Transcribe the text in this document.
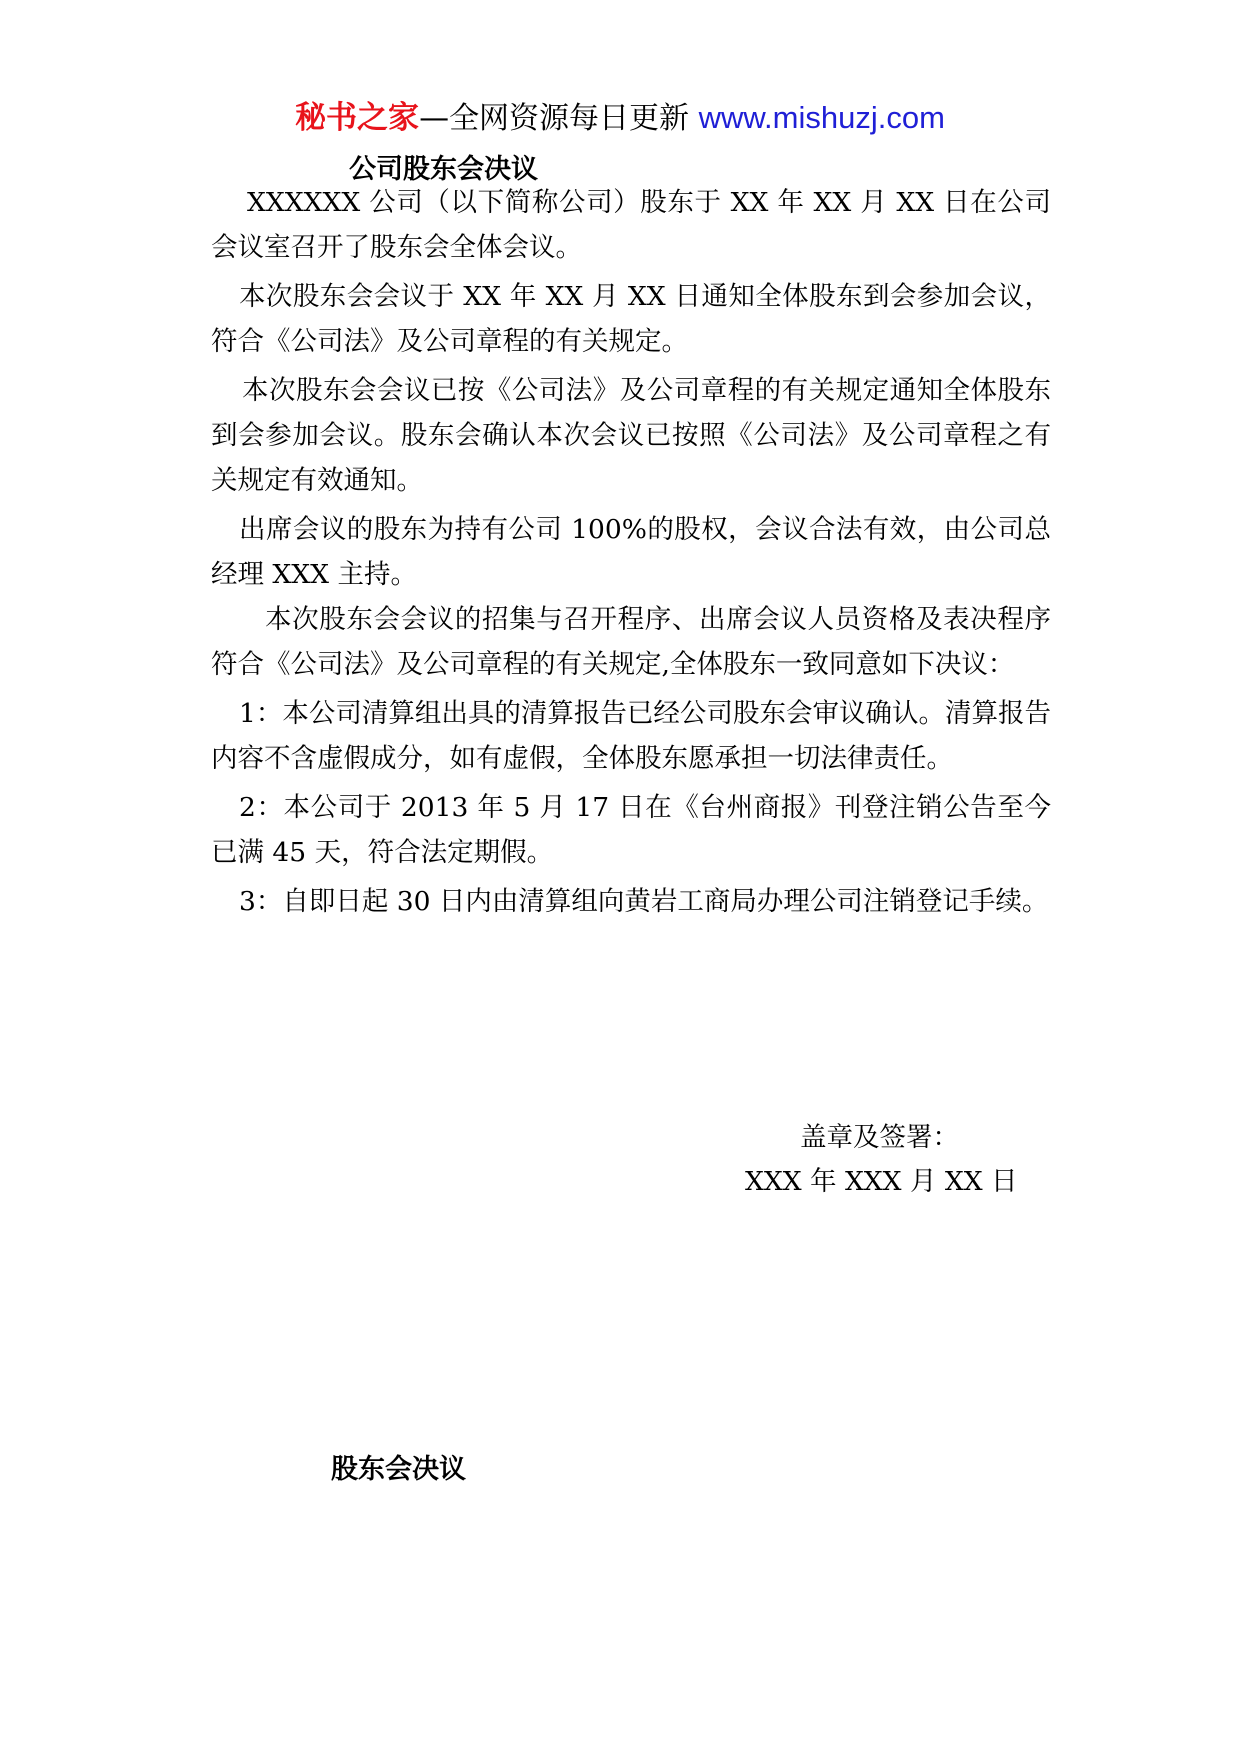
秘书之家—全网资源每日更新 www.mishuzj.com
公司股东会决议

XXXXXX 公司（以下简称公司）股东于 XX 年 XX 月 XX 日在公司会议室召开了股东会全体会议。

本次股东会会议于 XX 年 XX 月 XX 日通知全体股东到会参加会议，符合《公司法》及公司章程的有关规定。

本次股东会会议已按《公司法》及公司章程的有关规定通知全体股东到会参加会议。股东会确认本次会议已按照《公司法》及公司章程之有关规定有效通知。

出席会议的股东为持有公司 100%的股权，会议合法有效，由公司总经理 XXX 主持。

本次股东会会议的招集与召开程序、出席会议人员资格及表决程序符合《公司法》及公司章程的有关规定,全体股东一致同意如下决议：

1：本公司清算组出具的清算报告已经公司股东会审议确认。清算报告内容不含虚假成分，如有虚假，全体股东愿承担一切法律责任。

2：本公司于 2013 年 5 月 17 日在《台州商报》刊登注销公告至今已满 45 天，符合法定期假。

3：自即日起 30 日内由清算组向黄岩工商局办理公司注销登记手续。

盖章及签署：
XXX 年 XXX 月 XX 日
股东会决议
